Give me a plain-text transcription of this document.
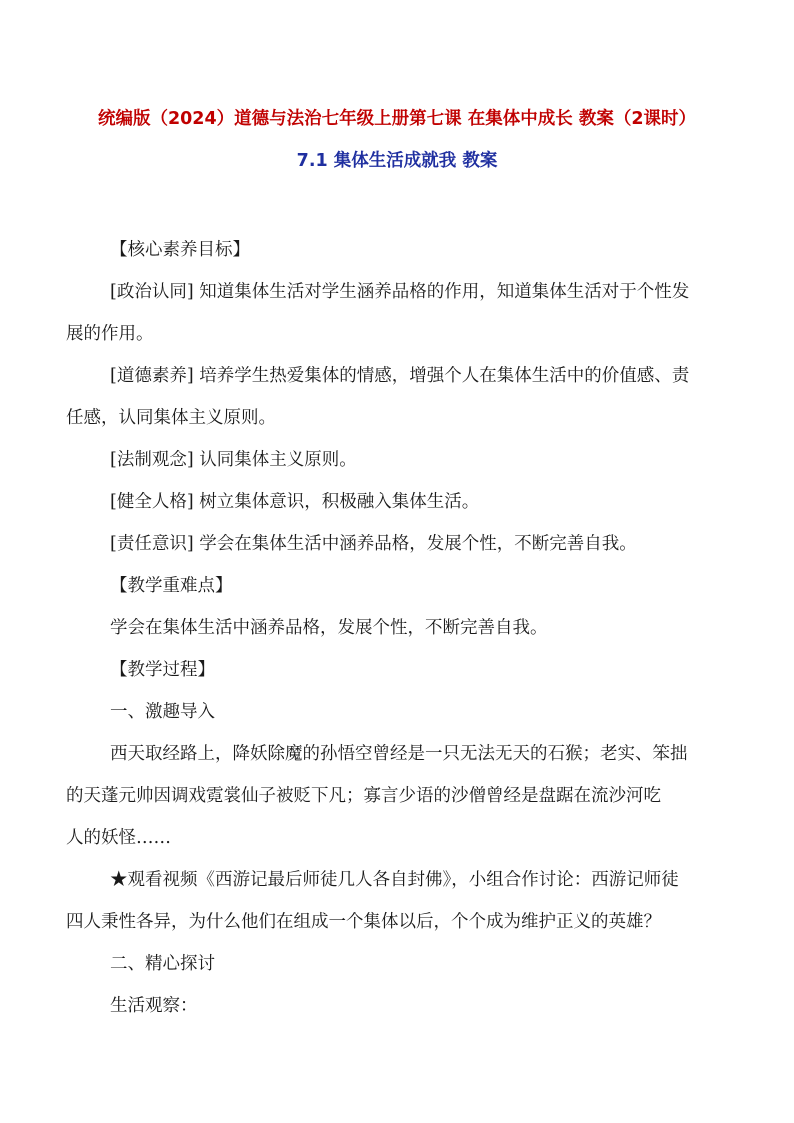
统编版（2024）道德与法治七年级上册第七课 在集体中成长 教案（2课时）
7.1 集体生活成就我 教案

【核心素养目标】

[政治认同] 知道集体生活对学生涵养品格的作用，知道集体生活对于个性发

展的作用。

[道德素养] 培养学生热爱集体的情感，增强个人在集体生活中的价值感、责

任感，认同集体主义原则。

[法制观念] 认同集体主义原则。

[健全人格] 树立集体意识，积极融入集体生活。

[责任意识] 学会在集体生活中涵养品格，发展个性，不断完善自我。

【教学重难点】

学会在集体生活中涵养品格，发展个性，不断完善自我。

【教学过程】

一、激趣导入

西天取经路上，降妖除魔的孙悟空曾经是一只无法无天的石猴；老实、笨拙

的天蓬元帅因调戏霓裳仙子被贬下凡；寡言少语的沙僧曾经是盘踞在流沙河吃

人的妖怪……

★观看视频《西游记最后师徒几人各自封佛》，小组合作讨论：西游记师徒

四人秉性各异，为什么他们在组成一个集体以后，个个成为维护正义的英雄？

二、精心探讨

生活观察：
